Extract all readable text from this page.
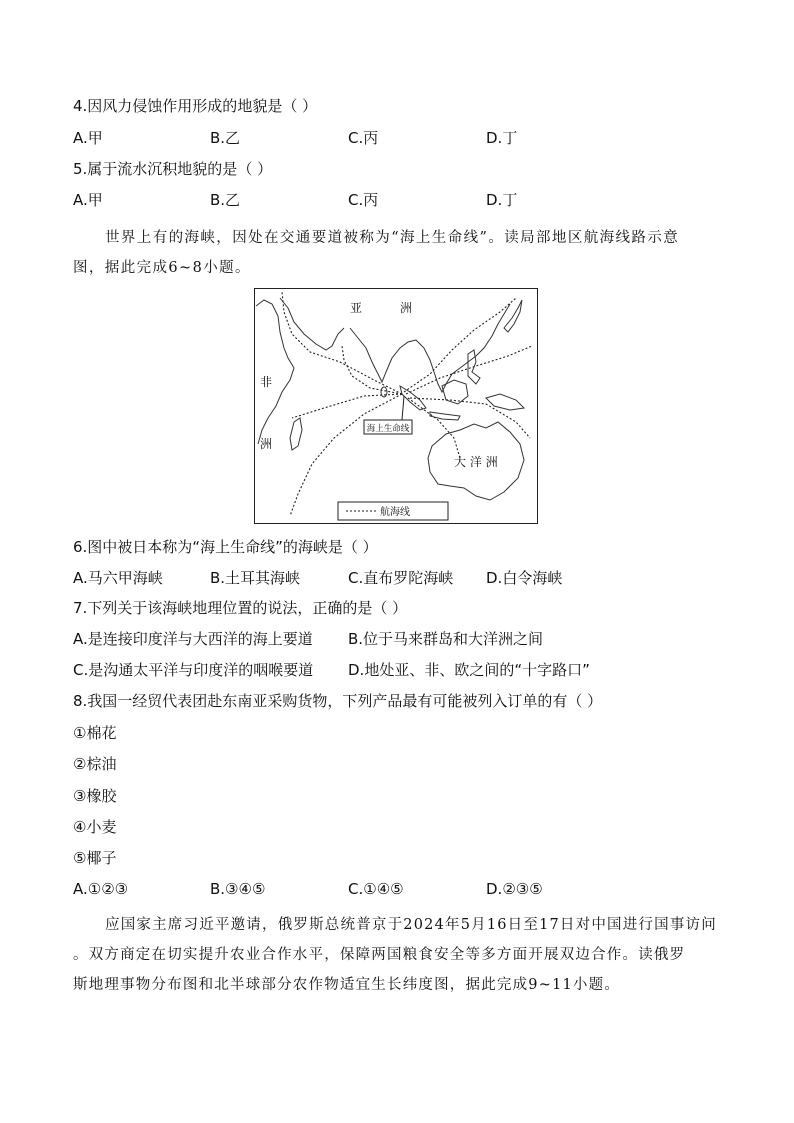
4.因风力侵蚀作用形成的地貌是（ ）
A.甲	B.乙	C.丙	D.丁
5.属于流水沉积地貌的是（ ）
A.甲	B.乙	C.丙	D.丁
世界上有的海峡，因处在交通要道被称为“海上生命线”。读局部地区航海线路示意
图，据此完成6~8小题。
海上生命线
亚	洲
非
洲
大 洋 洲
航海线
6.图中被日本称为“海上生命线”的海峡是（ ）
A.马六甲海峡	B.土耳其海峡	C.直布罗陀海峡 D.白令海峡
7.下列关于该海峡地理位置的说法，正确的是（ ）
A.是连接印度洋与大西洋的海上要道 B.位于马来群岛和大洋洲之间
C.是沟通太平洋与印度洋的咽喉要道 D.地处亚、非、欧之间的“十字路口”
8.我国一经贸代表团赴东南亚采购货物，下列产品最有可能被列入订单的有（ ）
①棉花
②棕油
③橡胶
④小麦
⑤椰子
A.①②③	B.③④⑤	C.①④⑤	D.②③⑤
应国家主席习近平邀请，俄罗斯总统普京于2024年5月16日至17日对中国进行国事访问
。双方商定在切实提升农业合作水平，保障两国粮食安全等多方面开展双边合作。读俄罗
斯地理事物分布图和北半球部分农作物适宜生长纬度图，据此完成9~11小题。
